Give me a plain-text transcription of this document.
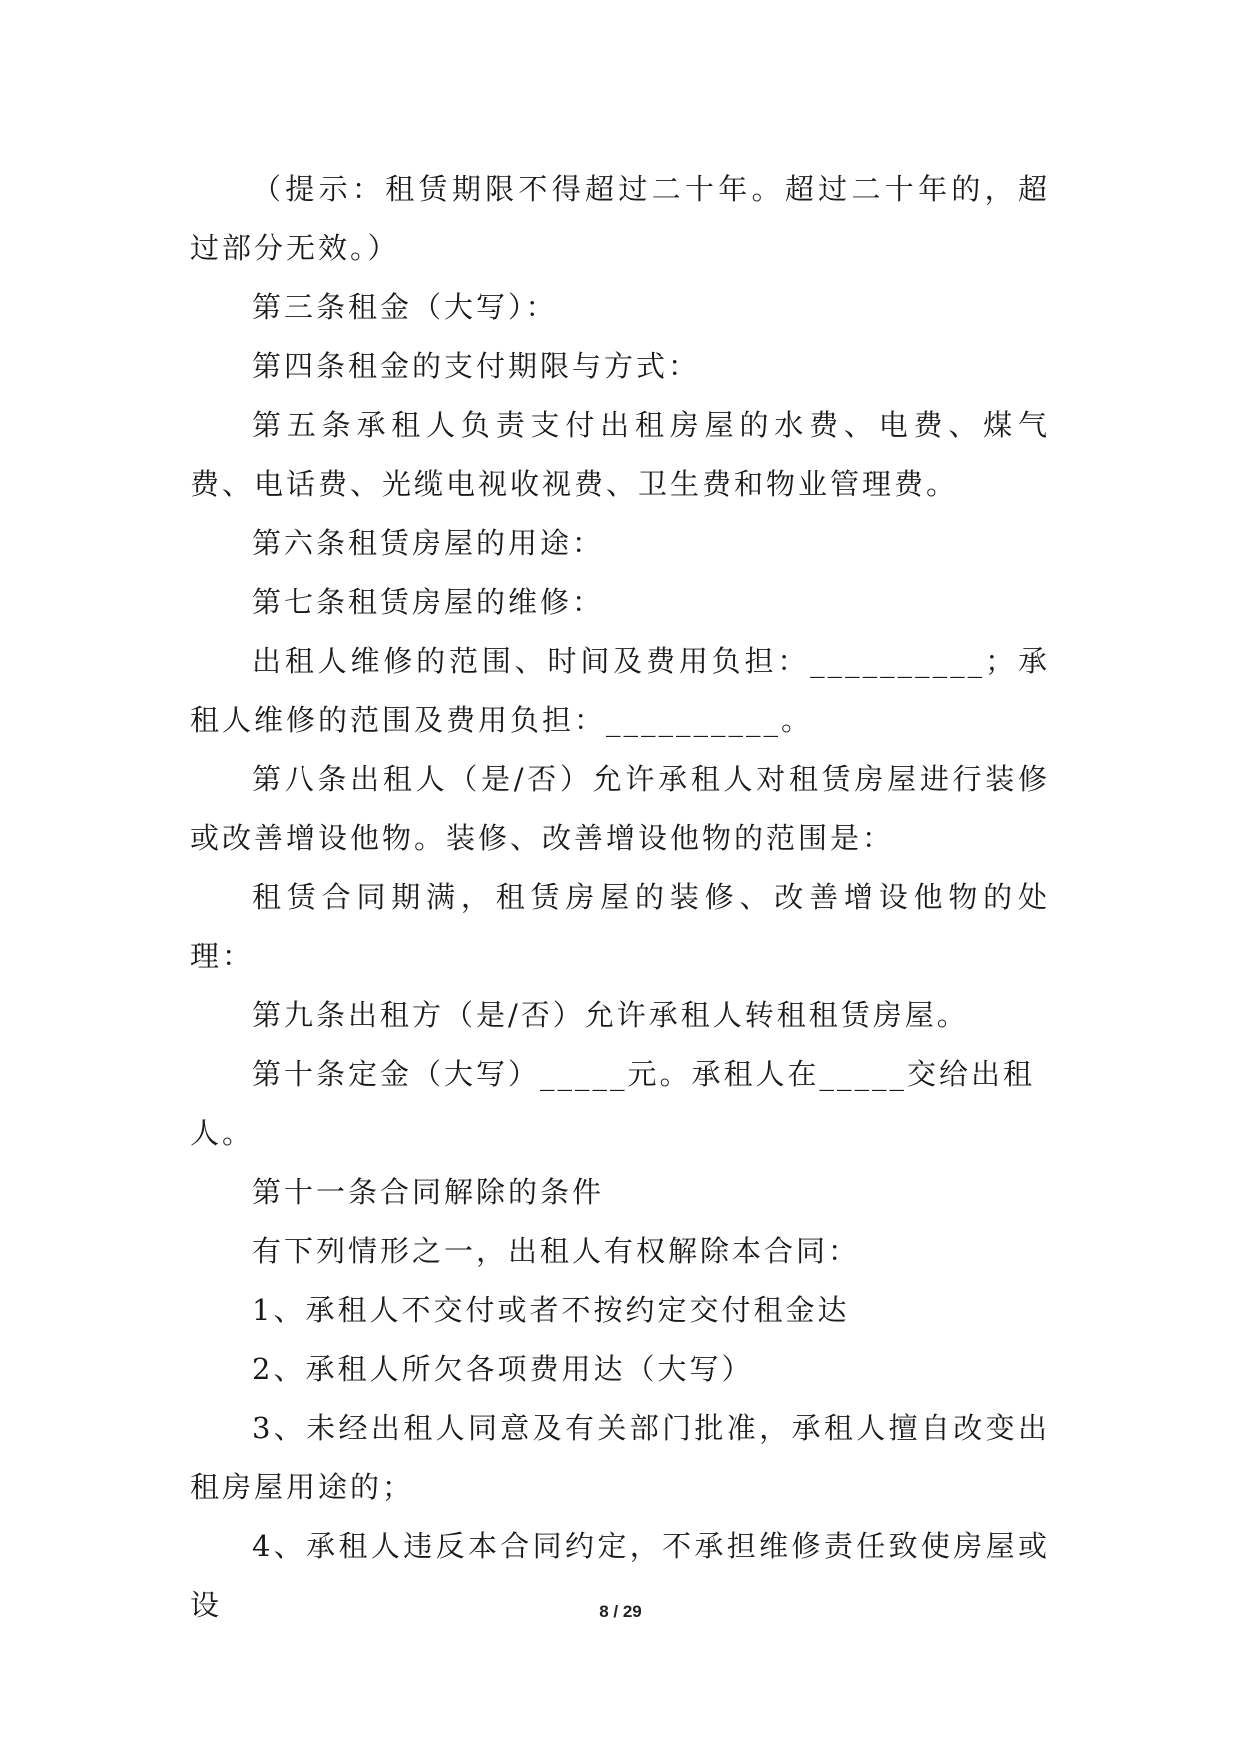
（提示：租赁期限不得超过二十年。超过二十年的，超过部分无效。）

第三条租金（大写）：

第四条租金的支付期限与方式：

第五条承租人负责支付出租房屋的水费、电费、煤气费、电话费、光缆电视收视费、卫生费和物业管理费。

第六条租赁房屋的用途：

第七条租赁房屋的维修：

出租人维修的范围、时间及费用负担：__________；承租人维修的范围及费用负担：__________。

第八条出租人（是/否）允许承租人对租赁房屋进行装修或改善增设他物。装修、改善增设他物的范围是：

租赁合同期满，租赁房屋的装修、改善增设他物的处理：

第九条出租方（是/否）允许承租人转租租赁房屋。

第十条定金（大写）_____元。承租人在_____交给出租人。

第十一条合同解除的条件

有下列情形之一，出租人有权解除本合同：

1、承租人不交付或者不按约定交付租金达

2、承租人所欠各项费用达（大写）

3、未经出租人同意及有关部门批准，承租人擅自改变出租房屋用途的；

4、承租人违反本合同约定，不承担维修责任致使房屋或设	8 / 29
